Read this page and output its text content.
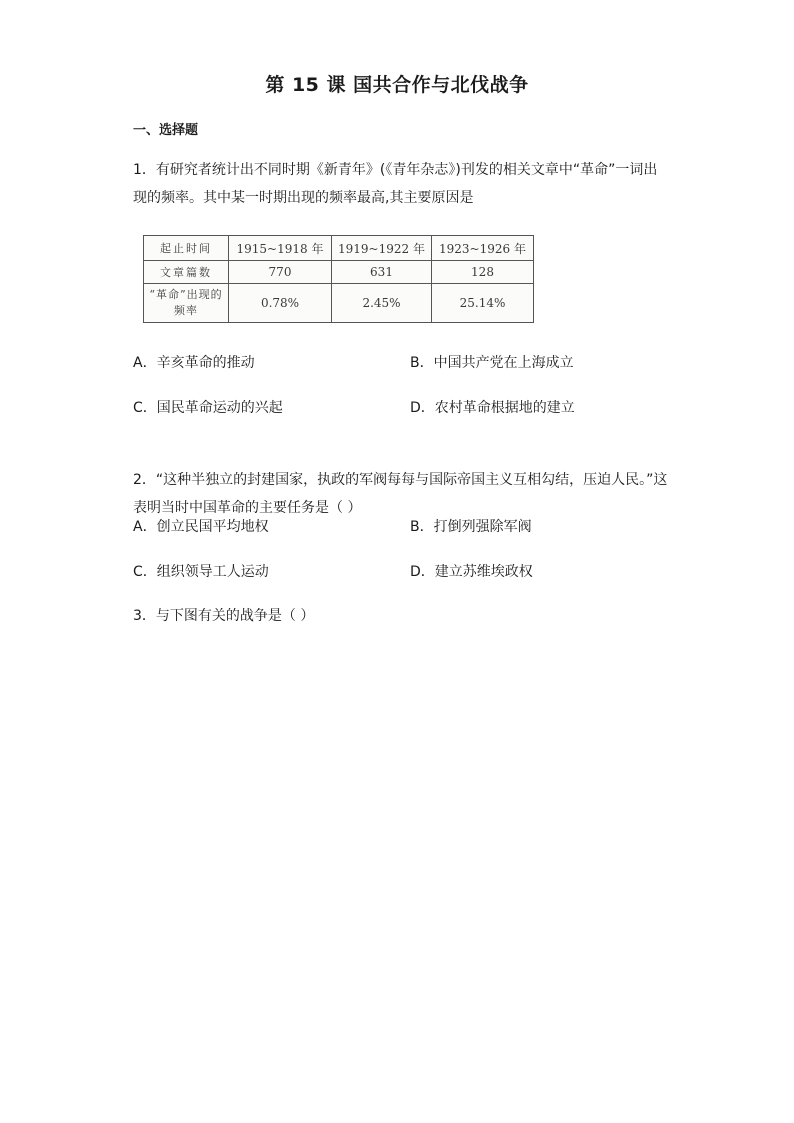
第 15 课 国共合作与北伐战争
一、选择题
1．有研究者统计出不同时期《新青年》(《青年杂志》)刊发的相关文章中“革命”一词出现的频率。其中某一时期出现的频率最高,其主要原因是
起止时间	1915~1918 年	1919~1922 年	1923~1926 年
文章篇数	770	631	128
“革命”出现的频率	0.78%	2.45%	25.14%
A．辛亥革命的推动	B．中国共产党在上海成立
C．国民革命运动的兴起	D．农村革命根据地的建立
2．“这种半独立的封建国家，执政的军阀每每与国际帝国主义互相勾结，压迫人民。”这表明当时中国革命的主要任务是（ ）
A．创立民国平均地权	B．打倒列强除军阀
C．组织领导工人运动	D．建立苏维埃政权
3．与下图有关的战争是（ ）
